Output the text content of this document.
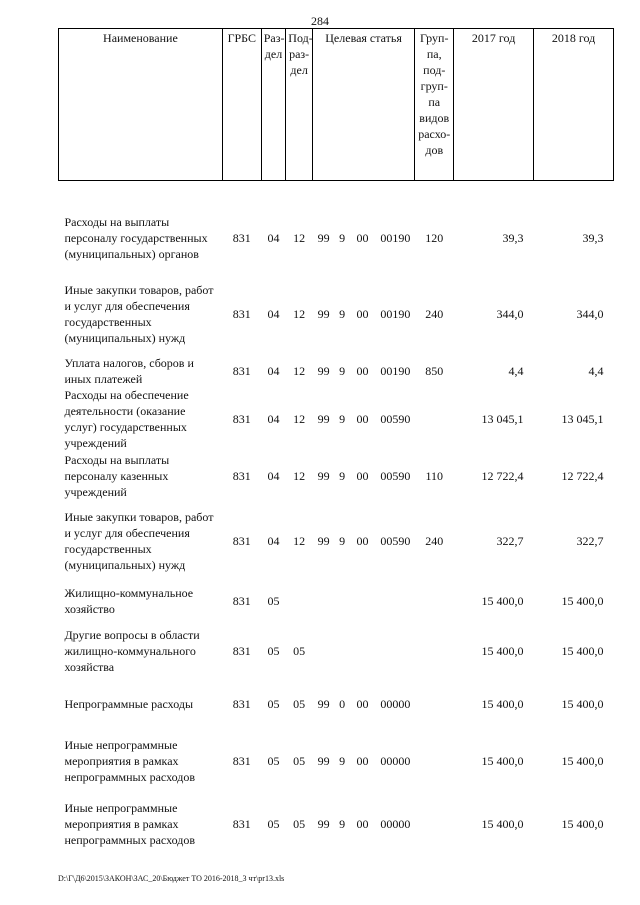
284
Наименование	ГРБС	Раз-дел	Под-раз-дел	Целевая статья				Груп-па, под-груп-па видов расхо-дов	2017 год	2018 год

Расходы на выплаты персоналу государственных (муниципальных) органов	831	04	12	99	9	00	00190	120	39,3	39,3
Иные закупки товаров, работ и услуг для обеспечения государственных (муниципальных) нужд	831	04	12	99	9	00	00190	240	344,0	344,0
Уплата налогов, сборов и иных платежей	831	04	12	99	9	00	00190	850	4,4	4,4
Расходы на обеспечение деятельности (оказание услуг) государственных учреждений	831	04	12	99	9	00	00590		13 045,1	13 045,1
Расходы на выплаты персоналу казенных учреждений	831	04	12	99	9	00	00590	110	12 722,4	12 722,4
Иные закупки товаров, работ и услуг для обеспечения государственных (муниципальных) нужд	831	04	12	99	9	00	00590	240	322,7	322,7
Жилищно-коммунальное хозяйство	831	05							15 400,0	15 400,0
Другие вопросы в области жилищно-коммунального хозяйства	831	05	05						15 400,0	15 400,0
Непрограммные расходы	831	05	05	99	0	00	00000		15 400,0	15 400,0
Иные непрограммные мероприятия в рамках непрограммных расходов	831	05	05	99	9	00	00000		15 400,0	15 400,0
Иные непрограммные мероприятия в рамках непрограммных расходов	831	05	05	99	9	00	00000		15 400,0	15 400,0
D:\Г\Д6\2015\ЗАКОН\ЗАС_20\Бюджет ТО 2016-2018_3 чт\pr13.xls
